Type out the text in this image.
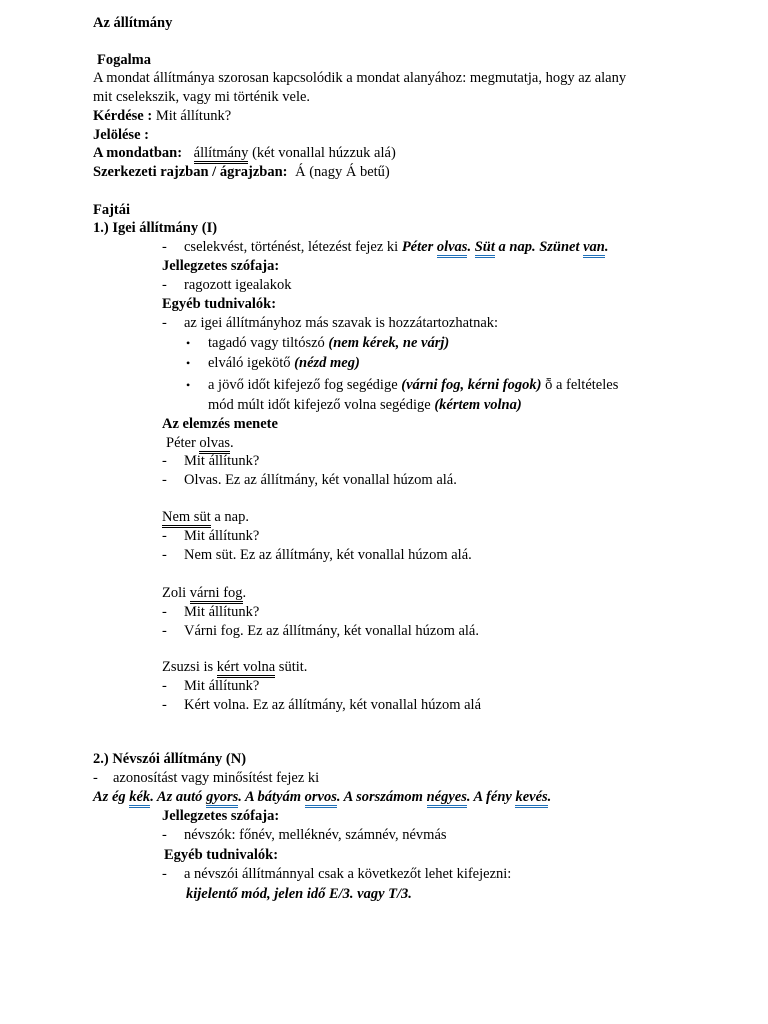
Az állítmány
Fogalma
A mondat állítmánya szorosan kapcsolódik a mondat alanyához: megmutatja, hogy az alany
mit cselekszik, vagy mi történik vele.
Kérdése : Mit állítunk?
Jelölése :
A mondatban: állítmány (két vonallal húzzuk alá)
Szerkezeti rajzban / ágrajzban: Á (nagy Á betű)
Fajtái
1.) Igei állítmány (I)
- cselekvést, történést, létezést fejez ki Péter olvas. Süt a nap. Szünet van.
Jellegzetes szófaja:
- ragozott igealakok
Egyéb tudnivalók:
- az igei állítmányhoz más szavak is hozzátartozhatnak:
• tagadó vagy tiltószó (nem kérek, ne várj)
• elváló igekötő (nézd meg)
• a jövő időt kifejező fog segédige (várni fog, kérni fogok) ȭ a feltételes
mód múlt időt kifejező volna segédige (kértem volna)
Az elemzés menete
Péter olvas.
- Mit állítunk?
- Olvas. Ez az állítmány, két vonallal húzom alá.
Nem süt a nap.
- Mit állítunk?
- Nem süt. Ez az állítmány, két vonallal húzom alá.
Zoli várni fog.
- Mit állítunk?
- Várni fog. Ez az állítmány, két vonallal húzom alá.
Zsuzsi is kért volna sütit.
- Mit állítunk?
- Kért volna. Ez az állítmány, két vonallal húzom alá
2.) Névszói állítmány (N)
- azonosítást vagy minősítést fejez ki
Az ég kék. Az autó gyors. A bátyám orvos. A sorszámom négyes. A fény kevés.
Jellegzetes szófaja:
- névszók: főnév, melléknév, számnév, névmás
Egyéb tudnivalók:
- a névszói állítmánnyal csak a következőt lehet kifejezni:
kijelentő mód, jelen idő E/3. vagy T/3.
